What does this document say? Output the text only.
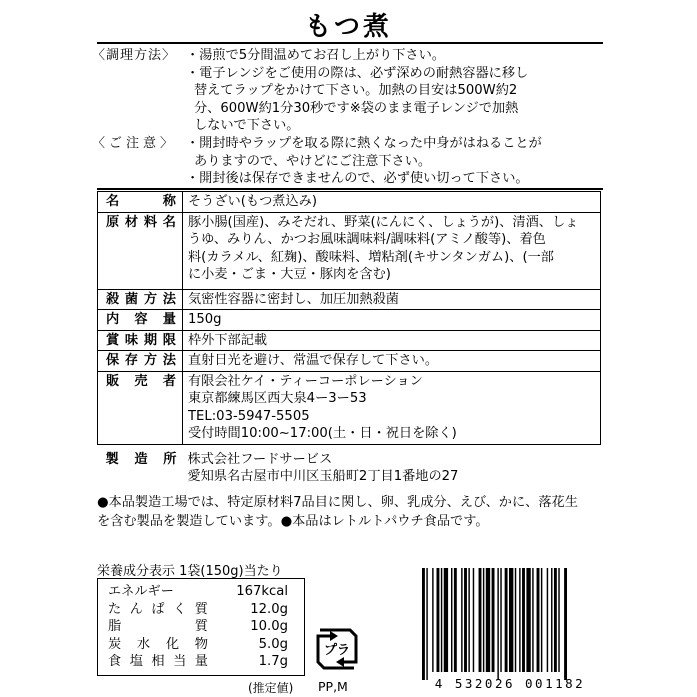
もつ煮
〈調理方法〉 ・湯煎で5分間温めてお召し上がり下さい。
・電子レンジをご使用の際は、必ず深めの耐熱容器に移し
替えてラップをかけて下さい。加熱の目安は500W約2
分、600W約1分30秒です※袋のまま電子レンジで加熱
しないで下さい。
〈ご注意〉 ・開封時やラップを取る際に熱くなった中身がはねることが
ありますので、やけどにご注意下さい。
・開封後は保存できませんので、必ず使い切って下さい。
名称	そうざい(もつ煮込み)
原材料名	豚小腸(国産)、みそだれ、野菜(にんにく、しょうが)、清酒、しょ
うゆ、みりん、かつお風味調味料/調味料(アミノ酸等)、着色
料(カラメル、紅麹)、酸味料、増粘剤(キサンタンガム)、(一部
に小麦・ごま・大豆・豚肉を含む)

殺菌方法	気密性容器に密封し、加圧加熱殺菌
内容量	150g
賞味期限	枠外下部記載
保存方法	直射日光を避け、常温で保存して下さい。
販売者	有限会社ケイ・ティーコーポレーション
東京都練馬区西大泉4ー3ー53
TEL:03-5947-5505
受付時間10:00~17:00(土・日・祝日を除く)

製造所	株式会社フードサービス
愛知県名古屋市中川区玉船町2丁目1番地の27
●本品製造工場では、特定原材料7品目に関し、卵、乳成分、えび、かに、落花生
を含む製品を製造しています。●本品はレトルトパウチ食品です。
栄養成分表示 1袋(150g)当たり
エネルギー	167kcal
たんぱく質	12.0g
脂質	10.0g
炭水化物	5.0g
食塩相当量	1.7g
(推定値)
プラ
PP,M	4 532026 001182
